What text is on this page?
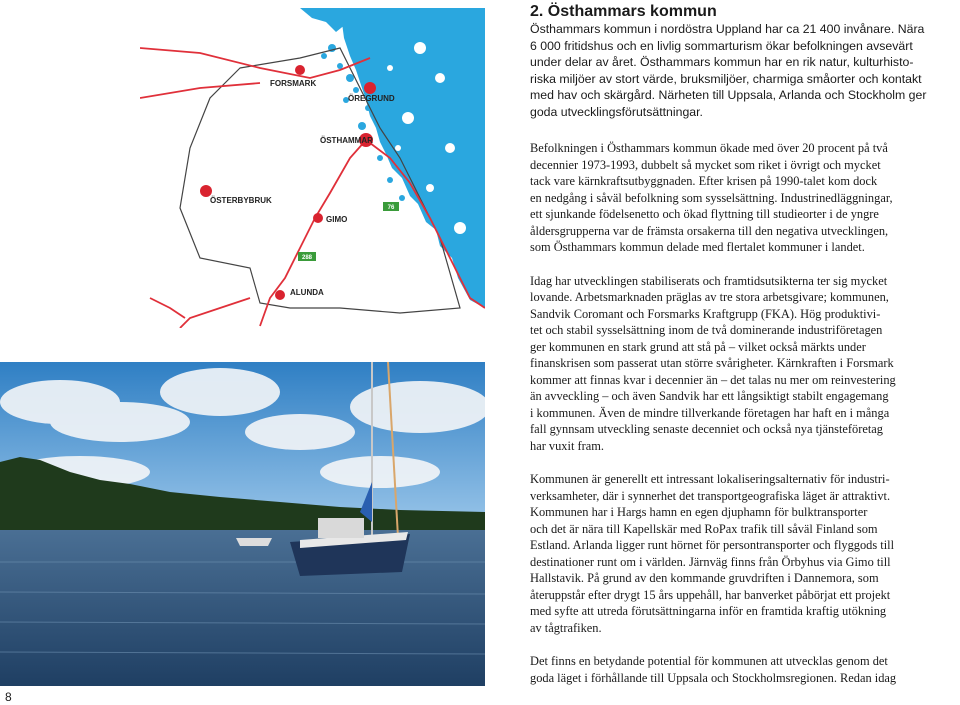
76
288
FORSMARK
ÖREGRUND
ÖSTHAMMAR
ÖSTERBYBRUK
GIMO
ALUNDA
8
2. Östhammars kommun

Östhammars kommun i nordöstra Uppland har ca 21 400 invånare. Nära

6 000 fritidshus och en livlig sommarturism ökar befolkningen avsevärt

under delar av året. Östhammars kommun har en rik natur, kulturhisto-

riska miljöer av stort värde, bruksmiljöer, charmiga småorter och kontakt

med hav och skärgård. Närheten till Uppsala, Arlanda och Stockholm ger

goda utvecklingsförutsättningar.

Befolkningen i Östhammars kommun ökade med över 20 procent på två

decennier 1973-1993, dubbelt så mycket som riket i övrigt och mycket

tack vare kärnkraftsutbyggnaden. Efter krisen på 1990-talet kom dock

en nedgång i såväl befolkning som sysselsättning. Industrinedläggningar,

ett sjunkande födelsenetto och ökad flyttning till studieorter i de yngre

åldersgrupperna var de främsta orsakerna till den negativa utvecklingen,

som Östhammars kommun delade med flertalet kommuner i landet.

Idag har utvecklingen stabiliserats och framtidsutsikterna ter sig mycket

lovande. Arbetsmarknaden präglas av tre stora arbetsgivare; kommunen,

Sandvik Coromant och Forsmarks Kraftgrupp (FKA). Hög produktivi-

tet och stabil sysselsättning inom de två dominerande industriföretagen

ger kommunen en stark grund att stå på – vilket också märkts under

finanskrisen som passerat utan större svårigheter. Kärnkraften i Forsmark

kommer att finnas kvar i decennier än – det talas nu mer om reinvestering

än avveckling – och även Sandvik har ett långsiktigt stabilt engagemang

i kommunen. Även de mindre tillverkande företagen har haft en i många

fall gynnsam utveckling senaste decenniet och också nya tjänsteföretag

har vuxit fram.

Kommunen är generellt ett intressant lokaliseringsalternativ för industri-

verksamheter, där i synnerhet det transportgeografiska läget är attraktivt.

Kommunen har i Hargs hamn en egen djuphamn för bulktransporter

och det är nära till Kapellskär med RoPax trafik till såväl Finland som

Estland. Arlanda ligger runt hörnet för persontransporter och flyggods till

destinationer runt om i världen. Järnväg finns från Örbyhus via Gimo till

Hallstavik. På grund av den kommande gruvdriften i Dannemora, som

återuppstår efter drygt 15 års uppehåll, har banverket påbörjat ett projekt

med syfte att utreda förutsättningarna inför en framtida kraftig utökning

av tågtrafiken.

Det finns en betydande potential för kommunen att utvecklas genom det

goda läget i förhållande till Uppsala och Stockholmsregionen. Redan idag
